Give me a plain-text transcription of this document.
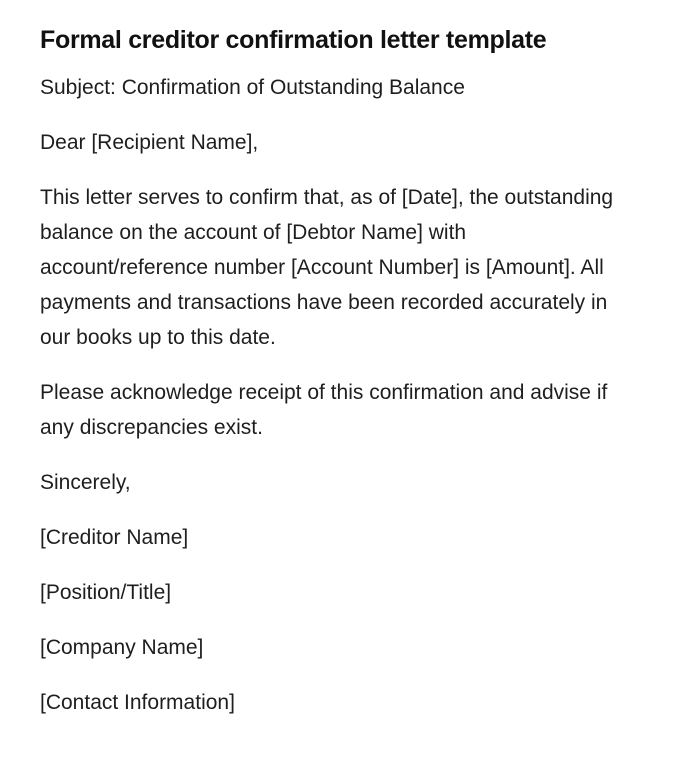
Formal creditor confirmation letter template

Subject: Confirmation of Outstanding Balance

Dear [Recipient Name],

This letter serves to confirm that, as of [Date], the outstanding balance on the account of [Debtor Name] with account/reference number [Account Number] is [Amount]. All payments and transactions have been recorded accurately in our books up to this date.

Please acknowledge receipt of this confirmation and advise if any discrepancies exist.

Sincerely,

[Creditor Name]

[Position/Title]

[Company Name]

[Contact Information]
